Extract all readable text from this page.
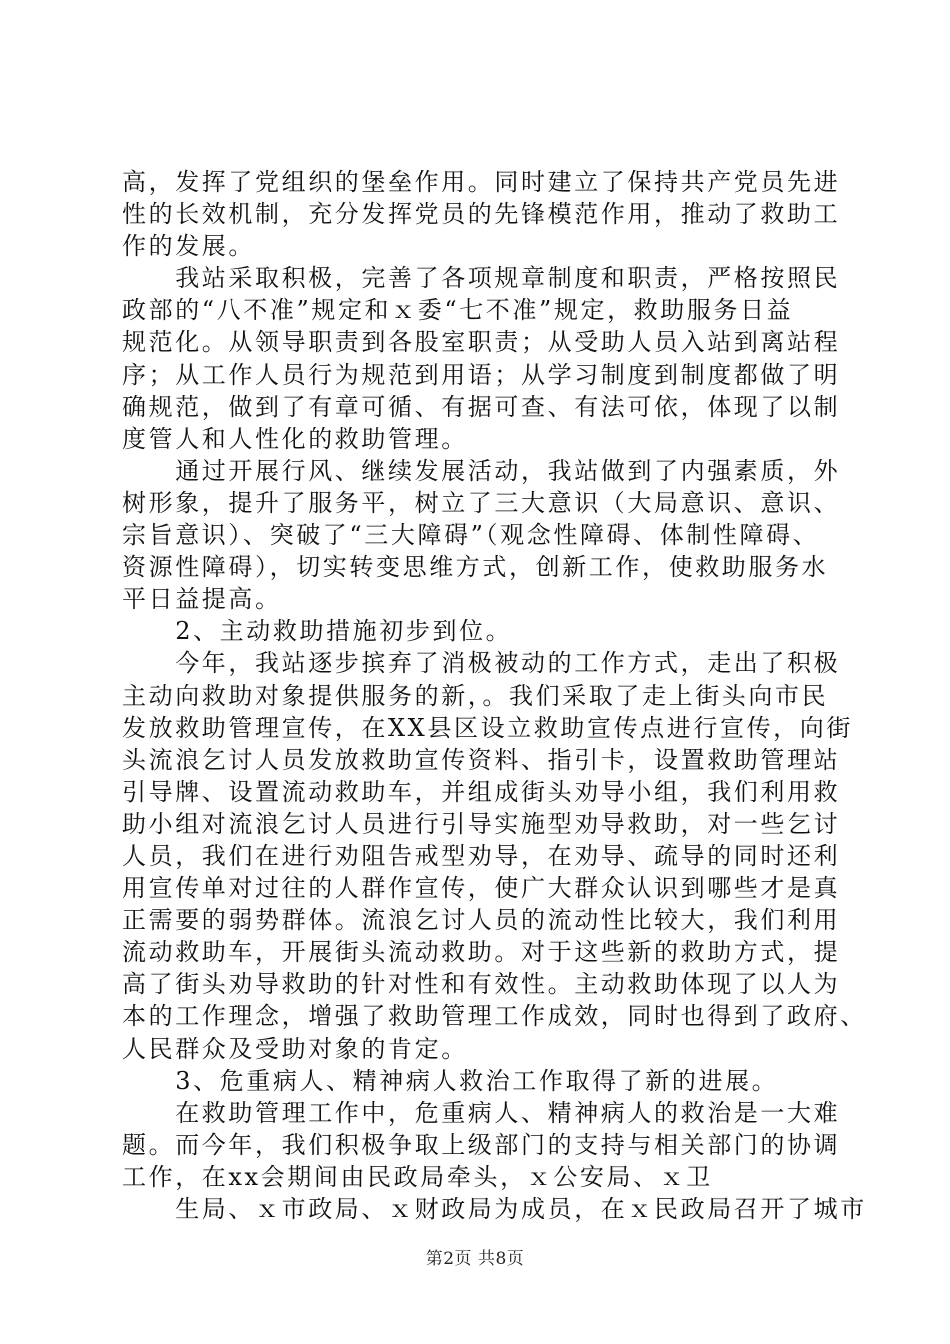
高，发挥了党组织的堡垒作用。同时建立了保持共产党员先进
性的长效机制，充分发挥党员的先锋模范作用，推动了救助工
作的发展。
　　我站采取积极，完善了各项规章制度和职责，严格按照民
政部的“八不准”规定和ｘ委“七不准”规定，救助服务日益
规范化。从领导职责到各股室职责；从受助人员入站到离站程
序；从工作人员行为规范到用语；从学习制度到制度都做了明
确规范，做到了有章可循、有据可查、有法可依，体现了以制
度管人和人性化的救助管理。
　　通过开展行风、继续发展活动，我站做到了内强素质，外
树形象，提升了服务平，树立了三大意识（大局意识、意识、
宗旨意识）、突破了“三大障碍”（观念性障碍、体制性障碍、
资源性障碍），切实转变思维方式，创新工作，使救助服务水
平日益提高。
　　2、主动救助措施初步到位。
　　今年，我站逐步摈弃了消极被动的工作方式，走出了积极
主动向救助对象提供服务的新，。我们采取了走上街头向市民
发放救助管理宣传，在XX县区设立救助宣传点进行宣传，向街
头流浪乞讨人员发放救助宣传资料、指引卡，设置救助管理站
引导牌、设置流动救助车，并组成街头劝导小组，我们利用救
助小组对流浪乞讨人员进行引导实施型劝导救助，对一些乞讨
人员，我们在进行劝阻告戒型劝导，在劝导、疏导的同时还利
用宣传单对过往的人群作宣传，使广大群众认识到哪些才是真
正需要的弱势群体。流浪乞讨人员的流动性比较大，我们利用
流动救助车，开展街头流动救助。对于这些新的救助方式，提
高了街头劝导救助的针对性和有效性。主动救助体现了以人为
本的工作理念，增强了救助管理工作成效，同时也得到了政府、
人民群众及受助对象的肯定。
　　3、危重病人、精神病人救治工作取得了新的进展。
　　在救助管理工作中，危重病人、精神病人的救治是一大难
题。而今年，我们积极争取上级部门的支持与相关部门的协调
工作，在xx会期间由民政局牵头，ｘ公安局、ｘ卫
　　生局、ｘ市政局、ｘ财政局为成员，在ｘ民政局召开了城市
第2页 共8页
